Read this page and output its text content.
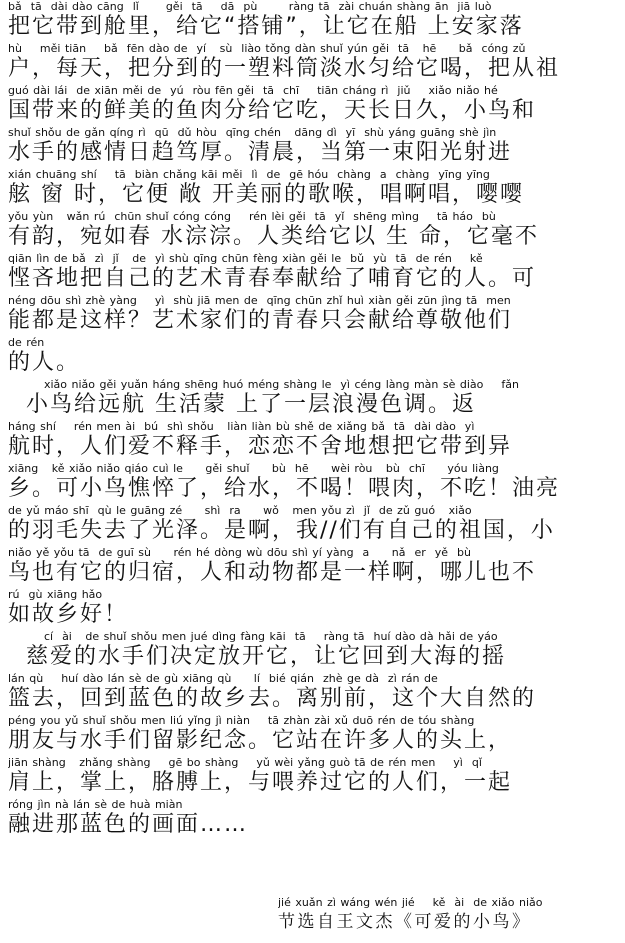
bǎ  tā  dài dào cāng  lǐ      gěi  tā    dā  pù       ràng tā  zài chuán shàng ān  jiā luò
把它带到舱里，给它“搭铺”，让它在船 上安家落
hù    měi tiān    bǎ  fēn dào de  yí   sù  liào tǒng dàn shuǐ yún gěi  tā   hē     bǎ  cóng zǔ
户，每天，把分到的一塑料筒淡水匀给它喝，把从祖
guó dài lái  de xiān měi de  yú  ròu fēn gěi  tā  chī    tiān cháng rì  jiǔ    xiǎo niǎo hé
国带来的鲜美的鱼肉分给它吃，天长日久，小鸟和
shuǐ shǒu de gǎn qíng rì  qū  dǔ hòu  qīng chén   dāng dì  yī  shù yáng guāng shè jìn
水手的感情日趋笃厚。清晨，当第一束阳光射进
xián chuāng shí    tā  biàn chǎng kāi měi  lì  de  gē hóu  chàng  a  chàng  yīng yīng
舷 窗 时，它便 敞 开美丽的歌喉，唱啊唱，嘤嘤
yǒu yùn   wǎn rú  chūn shuǐ cóng cóng    rén lèi gěi  tā  yǐ  shēng mìng    tā háo  bù
有韵，宛如春 水淙淙。人类给它以 生 命，它毫不
qiān lìn de bǎ  zì  jǐ   de  yì shù qīng chūn fèng xiàn gěi le  bǔ  yù  tā  de rén    kě
悭吝地把自己的艺术青春奉献给了哺育它的人。可
néng dōu shì zhè yàng    yì  shù jiā men de  qīng chūn zhǐ huì xiàn gěi zūn jìng tā  men
能都是这样？艺术家们的青春只会献给尊敬他们
de rén
的人。
xiǎo niǎo gěi yuǎn háng shēng huó méng shàng le  yì céng làng màn sè diào    fǎn
小鸟给远航 生活蒙 上了一层浪漫色调。返
háng shí    rén men ài  bú  shì shǒu   liàn liàn bù shě de xiǎng bǎ  tā  dài dào  yì
航时，人们爱不释手，恋恋不舍地想把它带到异
xiāng   kě xiǎo niǎo qiáo cuì le     gěi shuǐ     bù  hē     wèi ròu   bù  chī     yóu liàng
乡。可小鸟憔悴了，给水，不喝！喂肉，不吃！油亮
de yǔ máo shī  qù le guāng zé     shì  ra     wǒ   men yǒu zì  jǐ  de zǔ guó   xiǎo
的羽毛失去了光泽。是啊，我//们有自己的祖国，小
niǎo yě yǒu tā  de guī sù     rén hé dòng wù dōu shì yí yàng  a     nǎ  er  yě  bù
鸟也有它的归宿，人和动物都是一样啊，哪儿也不
rú  gù xiāng hǎo
如故乡好！
cí  ài   de shuǐ shǒu men jué dìng fàng kāi  tā    ràng tā  huí dào dà hǎi de yáo
慈爱的水手们决定放开它，让它回到大海的摇
lán qù    huí dào lán sè de gù xiāng qù     lí  bié qián  zhè ge dà  zì rán de
篮去，回到蓝色的故乡去。离别前，这个大自然的
péng you yǔ shuǐ shǒu men liú yǐng jì niàn    tā zhàn zài xǔ duō rén de tóu shàng
朋友与水手们留影纪念。它站在许多人的头上，
jiān shàng   zhǎng shàng    gē bo shàng    yǔ wèi yǎng guò tā de rén men    yì  qǐ
肩上，掌上，胳膊上，与喂养过它的人们，一起
róng jìn nà lán sè de huà miàn
融进那蓝色的画面……
jié xuǎn zì wáng wén jié    kě  ài  de xiǎo niǎo
节选自王文杰《可爱的小鸟》
